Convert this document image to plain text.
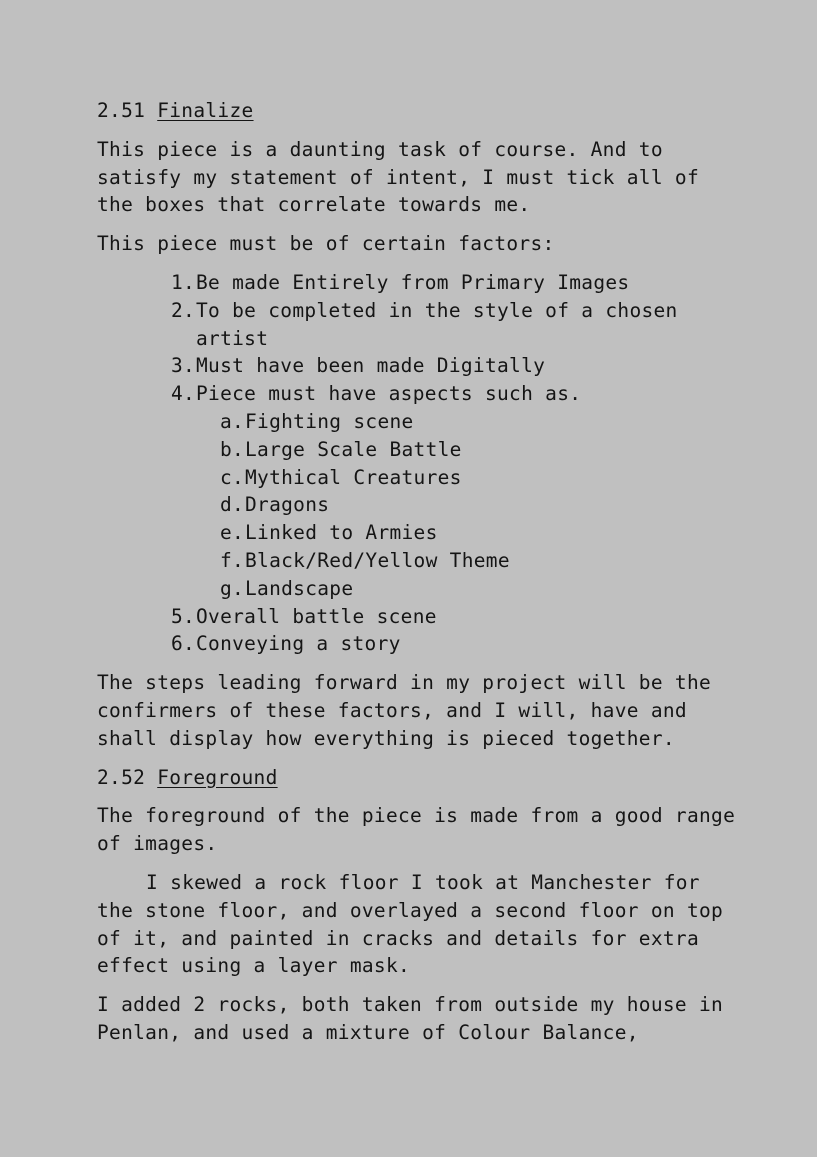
2.51 Finalize

This piece is a daunting task of course. And to satisfy my statement of intent, I must tick all of the boxes that correlate towards me.

This piece must be of certain factors:

1. Be made Entirely from Primary Images
2. To be completed in the style of a chosen artist
3. Must have been made Digitally
4. Piece must have aspects such as.
a. Fighting scene
b. Large Scale Battle
c. Mythical Creatures
d. Dragons
e. Linked to Armies
f. Black/Red/Yellow Theme
g. Landscape
5. Overall battle scene
6. Conveying a story

The steps leading forward in my project will be the confirmers of these factors, and I will, have and shall display how everything is pieced together.

2.52 Foreground

The foreground of the piece is made from a good range of images.

I skewed a rock floor I took at Manchester for the stone floor, and overlayed a second floor on top of it, and painted in cracks and details for extra effect using a layer mask.

I added 2 rocks, both taken from outside my house in Penlan, and used a mixture of Colour Balance,
